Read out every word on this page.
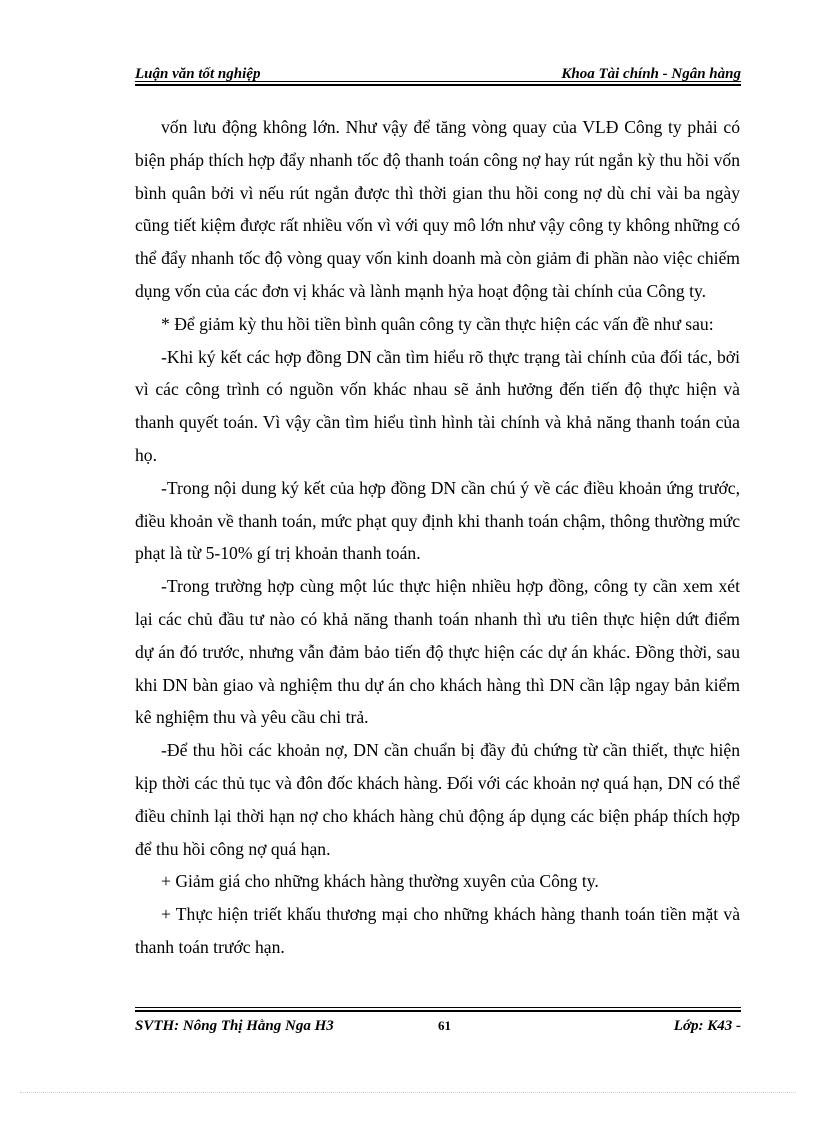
Luận văn tốt nghiệp	Khoa Tài chính - Ngân hàng

vốn lưu động không lớn. Như vậy để tăng vòng quay của VLĐ Công ty phải có biện pháp thích hợp đẩy nhanh tốc độ thanh toán công nợ hay rút ngắn kỳ thu hồi vốn bình quân bởi vì nếu rút ngắn được thì thời gian thu hồi cong nợ dù chỉ vài ba ngày cũng tiết kiệm được rất nhiều vốn vì với quy mô lớn như vậy công ty không những có thể đẩy nhanh tốc độ vòng quay vốn kinh doanh mà còn giảm đi phần nào việc chiếm dụng vốn của các đơn vị khác và lành mạnh hỷa hoạt động tài chính của Công ty.

* Để giảm kỳ thu hồi tiền bình quân công ty cần thực hiện các vấn đề như sau:

-Khi ký kết các hợp đồng DN cần tìm hiểu rõ thực trạng tài chính của đối tác, bởi vì các công trình có nguồn vốn khác nhau sẽ ảnh hưởng đến tiến độ thực hiện và thanh quyết toán. Vì vậy cần tìm hiểu tình hình tài chính và khả năng thanh toán của họ.

-Trong nội dung ký kết của hợp đồng DN cần chú ý về các điều khoản ứng trước, điều khoản về thanh toán, mức phạt quy định khi thanh toán chậm, thông thường mức phạt là từ 5-10% gí trị khoản thanh toán.

-Trong trường hợp cùng một lúc thực hiện nhiều hợp đồng, công ty cần xem xét lại các chủ đầu tư nào có khả năng thanh toán nhanh thì ưu tiên thực hiện dứt điểm dự án đó trước, nhưng vẫn đảm bảo tiến độ thực hiện các dự án khác. Đồng thời, sau khi DN bàn giao và nghiệm thu dự án cho khách hàng thì DN cần lập ngay bản kiểm kê nghiệm thu và yêu cầu chi trả.

-Để thu hồi các khoản nợ, DN cần chuẩn bị đầy đủ chứng từ cần thiết, thực hiện kịp thời các thủ tục và đôn đốc khách hàng. Đối với các khoản nợ quá hạn, DN có thể điều chỉnh lại thời hạn nợ cho khách hàng chủ động áp dụng các biện pháp thích hợp để thu hồi công nợ quá hạn.

+ Giảm giá cho những khách hàng thường xuyên của Công ty.

+ Thực hiện triết khấu thương mại cho những khách hàng thanh toán tiền mặt và thanh toán trước hạn.

SVTH: Nông Thị Hằng Nga H3	61	Lớp: K43 -
